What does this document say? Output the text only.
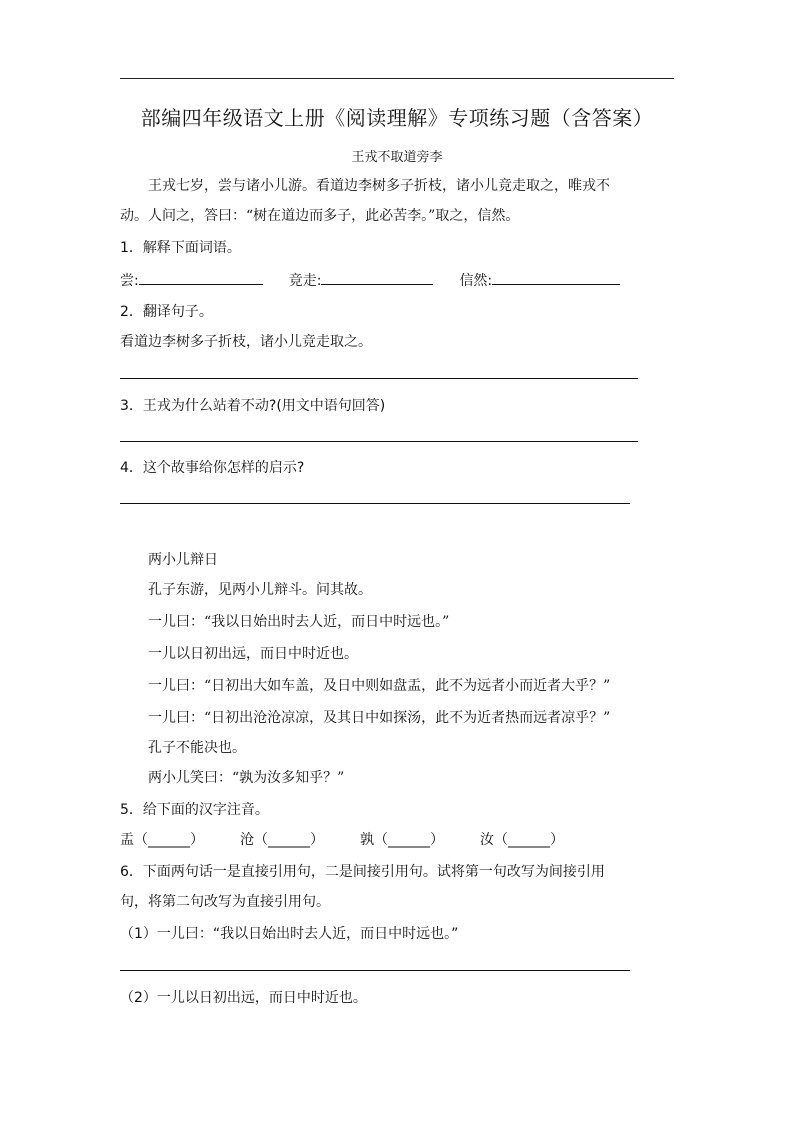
部编四年级语文上册《阅读理解》专项练习题（含答案）
王戎不取道旁李
王戎七岁，尝与诸小儿游。看道边李树多子折枝，诸小儿竞走取之，唯戎不
动。人问之，答曰：“树在道边而多子，此必苦李。”取之，信然。
1．解释下面词语。
尝:	竞走:	信然:
2．翻译句子。
看道边李树多子折枝，诸小儿竞走取之。
3．王戎为什么站着不动?(用文中语句回答)
4．这个故事给你怎样的启示?
两小儿辩日
孔子东游，见两小儿辩斗。问其故。
一儿曰：“我以日始出时去人近，而日中时远也。”
一儿以日初出远，而日中时近也。
一儿曰：“日初出大如车盖，及日中则如盘盂，此不为远者小而近者大乎？”
一儿曰：“日初出沧沧凉凉，及其日中如探汤，此不为近者热而远者凉乎？”
孔子不能决也。
两小儿笑曰：“孰为汝多知乎？”
5．给下面的汉字注音。
盂（______）	沧（______）	孰（______）	汝（______）
6．下面两句话一是直接引用句，二是间接引用句。试将第一句改写为间接引用
句，将第二句改写为直接引用句。
（1）一儿曰：“我以日始出时去人近，而日中时远也。”
（2）一儿以日初出远，而日中时近也。
